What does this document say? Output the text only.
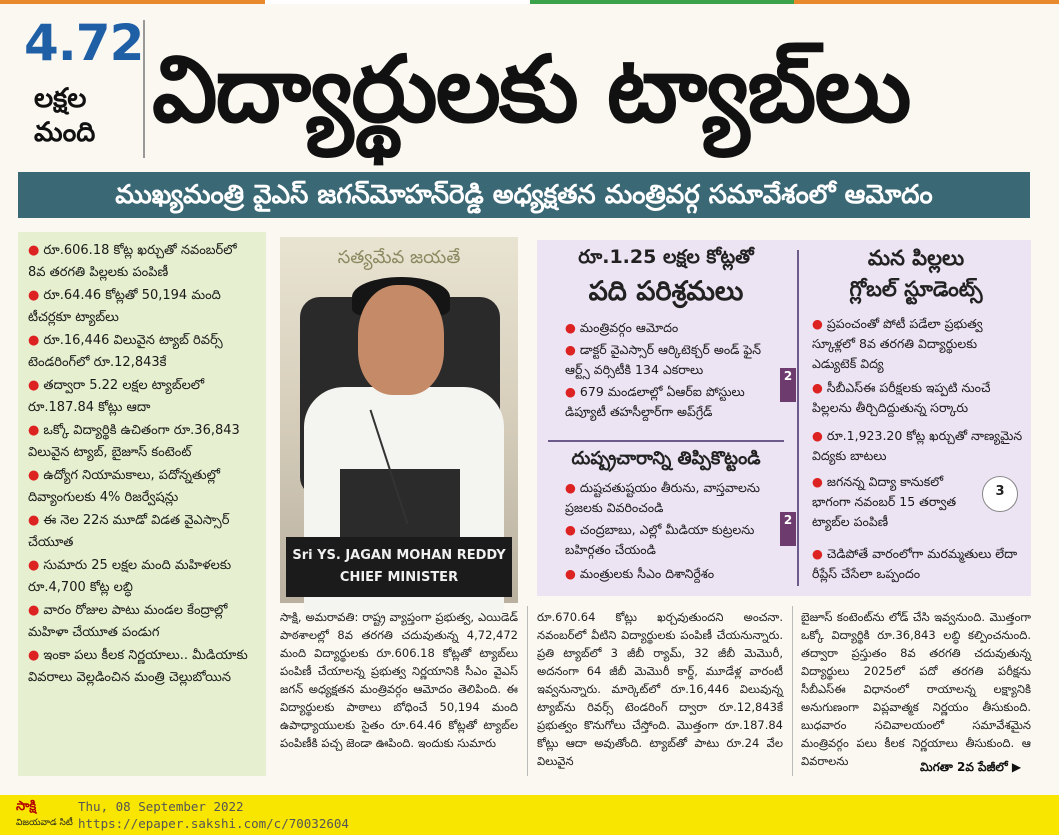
4.72
లక్షల
మంది విద్యార్థులకు ట్యాబ్‌లు
ముఖ్యమంత్రి వైఎస్ జగన్‌మోహన్‌రెడ్డి అధ్యక్షతన మంత్రివర్గ సమావేశంలో ఆమోదం
● రూ.606.18 కోట్ల ఖర్చుతో నవంబర్‌లో 8వ తరగతి పిల్లలకు పంపిణీ
● రూ.64.46 కోట్లతో 50,194 మంది టీచర్లకూ ట్యాబ్‌లు
● రూ.16,446 విలువైన ట్యాబ్ రివర్స్ టెండరింగ్‌లో రూ.12,843కే
● తద్వారా 5.22 లక్షల ట్యాబ్‌లలో రూ.187.84 కోట్లు ఆదా
● ఒక్కో విద్యార్థికి ఉచితంగా రూ.36,843 విలువైన ట్యాబ్, బైజూస్ కంటెంట్
● ఉద్యోగ నియామకాలు, పదోన్నతుల్లో దివ్యాంగులకు 4% రిజర్వేషన్లు
● ఈ నెల 22న మూడో విడత వైఎస్సార్ చేయూత
● సుమారు 25 లక్షల మంది మహిళలకు రూ.4,700 కోట్ల లబ్ధి
● వారం రోజుల పాటు మండల కేంద్రాల్లో మహిళా చేయూత పండుగ
● ఇంకా పలు కీలక నిర్ణయాలు.. మీడియాకు వివరాలు వెల్లడించిన మంత్రి చెల్లుబోయిన
సత్యమేవ జయతే
Sri YS. JAGAN MOHAN REDDY
CHIEF MINISTER
రూ.1.25 లక్షల కోట్లతో
పది పరిశ్రమలు
● మంత్రివర్గం ఆమోదం
● డాక్టర్ వైఎస్సార్ ఆర్కిటెక్చర్ అండ్ ఫైన్ ఆర్ట్స్ వర్సిటీకి 134 ఎకరాలు
● 679 మండలాల్లో ఏఆర్‌ఐ పోస్టులు డిప్యూటీ తహసీల్దార్‌గా అప్‌గ్రేడ్
2
దుష్ప్రచారాన్ని తిప్పికొట్టండి
● దుష్టచతుష్టయం తీరును, వాస్తవాలను ప్రజలకు వివరించండి
● చంద్రబాబు, ఎల్లో మీడియా కుట్రలను బహిర్గతం చేయండి
● మంత్రులకు సీఎం దిశానిర్దేశం
2
మన పిల్లలు
గ్లోబల్ స్టూడెంట్స్
● ప్రపంచంతో పోటీ పడేలా ప్రభుత్వ స్కూళ్లలో 8వ తరగతి విద్యార్థులకు ఎడ్యుటెక్ విద్య
● సీబీఎస్‌ఈ పరీక్షలకు ఇప్పటి నుంచే పిల్లలను తీర్చిదిద్దుతున్న సర్కారు
● రూ.1,923.20 కోట్ల ఖర్చుతో నాణ్యమైన విద్యకు బాటలు
● జగనన్న విద్యా కానుకలో భాగంగా నవంబర్ 15 తర్వాత ట్యాబ్‌ల పంపిణీ
● చెడిపోతే వారంలోగా మరమ్మతులు లేదా రీప్లేస్ చేసేలా ఒప్పందం
3
సాక్షి, అమరావతి: రాష్ట్ర వ్యాప్తంగా ప్రభుత్వ, ఎయిడెడ్ పాఠశాలల్లో 8వ తరగతి చదువుతున్న 4,72,472 మంది విద్యార్థులకు రూ.606.18 కోట్లతో ట్యాబ్‌లు పంపిణీ చేయాలన్న ప్రభుత్వ నిర్ణయానికి సీఎం వైఎస్ జగన్ అధ్యక్షతన మంత్రివర్గం ఆమోదం తెలిపింది. ఈ విద్యార్థులకు పాఠాలు బోధించే 50,194 మంది ఉపాధ్యాయులకు సైతం రూ.64.46 కోట్లతో ట్యాబ్‌ల పంపిణీకి పచ్చ జెండా ఊపింది. ఇందుకు సుమారు
రూ.670.64 కోట్లు ఖర్చవుతుందని అంచనా. నవంబర్‌లో వీటిని విద్యార్థులకు పంపిణీ చేయనున్నారు. ప్రతి ట్యాబ్‌లో 3 జీబీ ర్యామ్, 32 జీబీ మెమొరీ, అదనంగా 64 జీబీ మెమొరీ కార్డ్, మూడేళ్ల వారంటీ ఇవ్వనున్నారు. మార్కెట్‌లో రూ.16,446 విలువున్న ట్యాబ్‌ను రివర్స్ టెండరింగ్ ద్వారా రూ.12,843కే ప్రభుత్వం కొనుగోలు చేస్తోంది. మొత్తంగా రూ.187.84 కోట్లు ఆదా అవుతోంది. ట్యాబ్‌తో పాటు రూ.24 వేల విలువైన
బైజూస్ కంటెంట్‌ను లోడ్ చేసి ఇవ్వనుంది. మొత్తంగా ఒక్కో విద్యార్థికి రూ.36,843 లబ్ధి కల్పించనుంది. తద్వారా ప్రస్తుతం 8వ తరగతి చదువుతున్న విద్యార్థులు 2025లో పదో తరగతి పరీక్షను సీబీఎస్‌ఈ విధానంలో రాయాలన్న లక్ష్యానికి అనుగుణంగా విప్లవాత్మక నిర్ణయం తీసుకుంది. బుధవారం సచివాలయంలో సమావేశమైన మంత్రివర్గం పలు కీలక నిర్ణయాలు తీసుకుంది. ఆ వివరాలను	మిగతా 2వ పేజీలో ▶
సాక్షి
విజయవాడ సిటీ
Thu, 08 September 2022
https://epaper.sakshi.com/c/70032604
